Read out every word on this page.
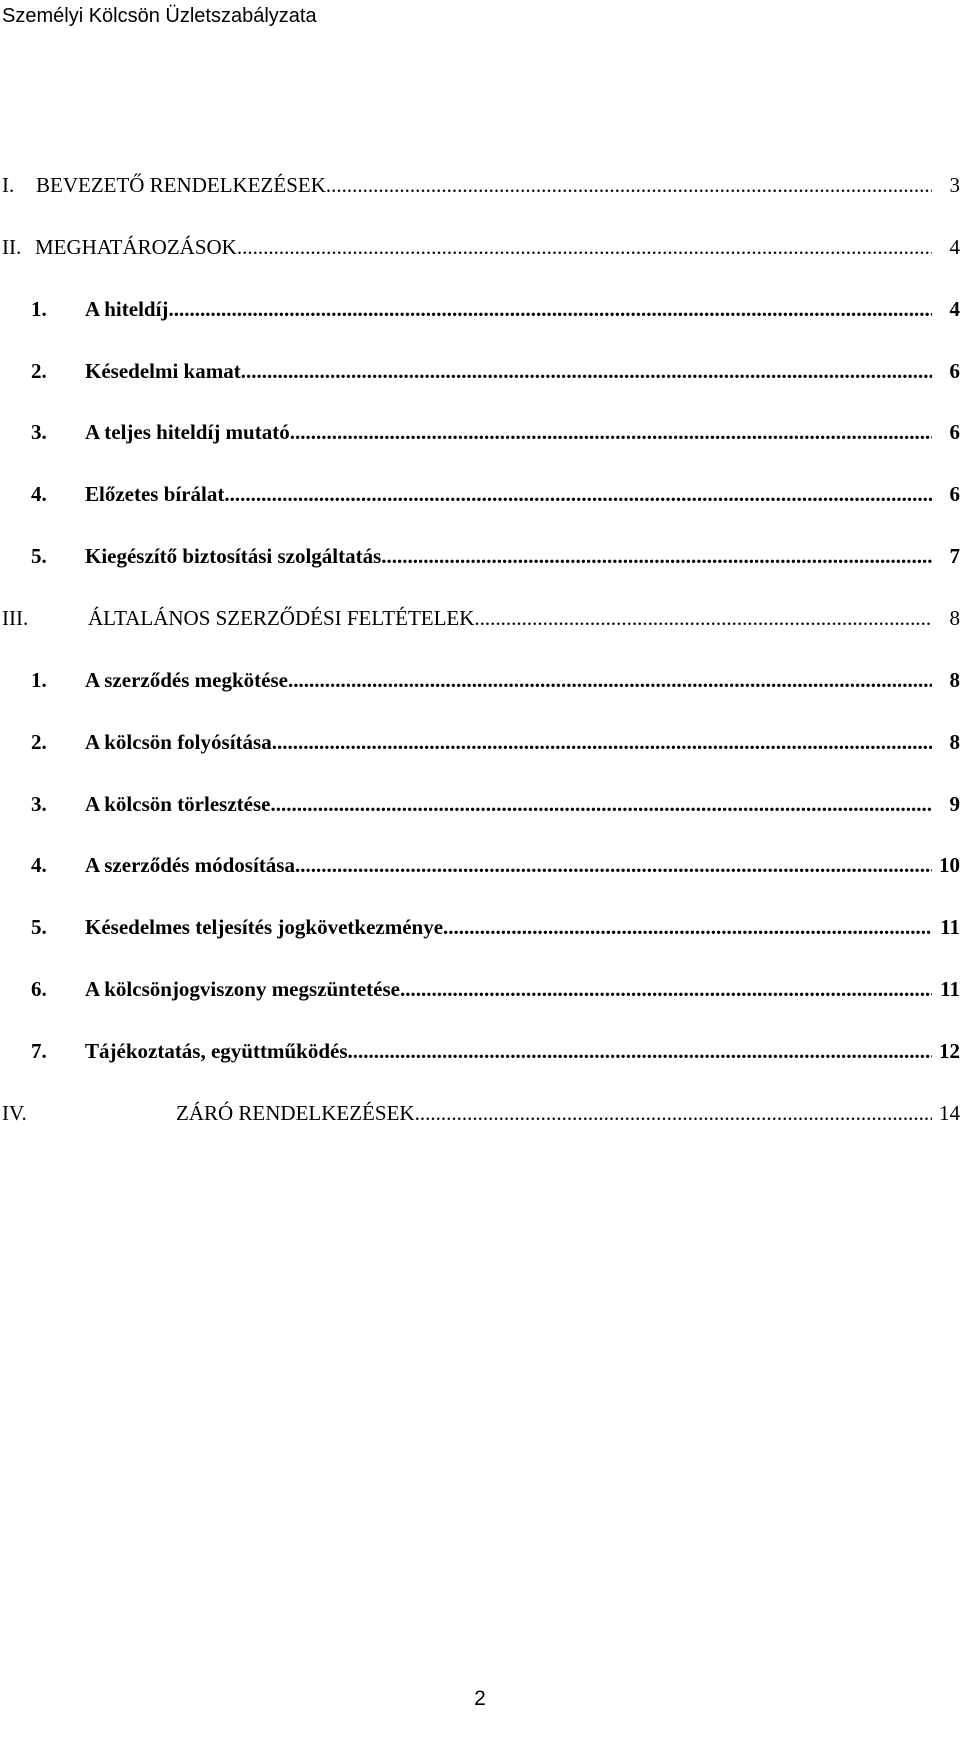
Személyi Kölcsön Üzletszabályzata
I.	BEVEZETŐ RENDELKEZÉSEK .....	3
II. MEGHATÁROZÁSOK .....	4
1.	A hiteldíj .....	4
2.	Késedelmi kamat .....	6
3.	A teljes hiteldíj mutató .....	6
4.	Előzetes bírálat .....	6
5.	Kiegészítő biztosítási szolgáltatás .....	7
III.	ÁLTALÁNOS SZERZŐDÉSI FELTÉTELEK .....	8
1.	A szerződés megkötése .....	8
2.	A kölcsön folyósítása .....	8
3.	A kölcsön törlesztése .....	9
4.	A szerződés módosítása .....	10
5.	Késedelmes teljesítés jogkövetkezménye .....	11
6.	A kölcsönjogviszony megszüntetése .....	11
7.	Tájékoztatás, együttműködés .....	12
IV.	ZÁRÓ RENDELKEZÉSEK .....	14
2
